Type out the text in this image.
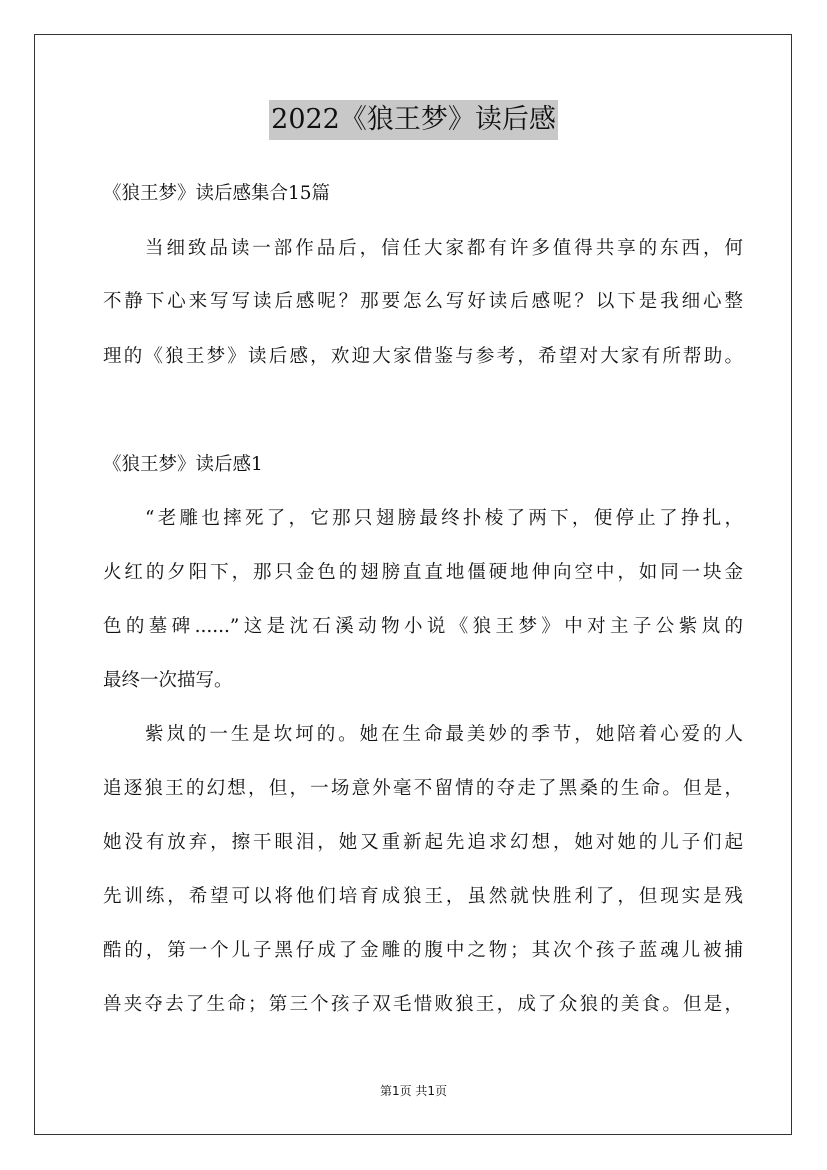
2022《狼王梦》读后感
《狼王梦》读后感集合15篇
当细致品读一部作品后，信任大家都有许多值得共享的东西，何
不静下心来写写读后感呢？那要怎么写好读后感呢？以下是我细心整
理的《狼王梦》读后感，欢迎大家借鉴与参考，希望对大家有所帮助。
《狼王梦》读后感1
“老雕也摔死了，它那只翅膀最终扑棱了两下，便停止了挣扎，
火红的夕阳下，那只金色的翅膀直直地僵硬地伸向空中，如同一块金
色的墓碑......”这是沈石溪动物小说《狼王梦》中对主子公紫岚的
最终一次描写。
紫岚的一生是坎坷的。她在生命最美妙的季节，她陪着心爱的人
追逐狼王的幻想，但，一场意外毫不留情的夺走了黑桑的生命。但是，
她没有放弃，擦干眼泪，她又重新起先追求幻想，她对她的儿子们起
先训练，希望可以将他们培育成狼王，虽然就快胜利了，但现实是残
酷的，第一个儿子黑仔成了金雕的腹中之物；其次个孩子蓝魂儿被捕
兽夹夺去了生命；第三个孩子双毛惜败狼王，成了众狼的美食。但是，
第1页 共1页
